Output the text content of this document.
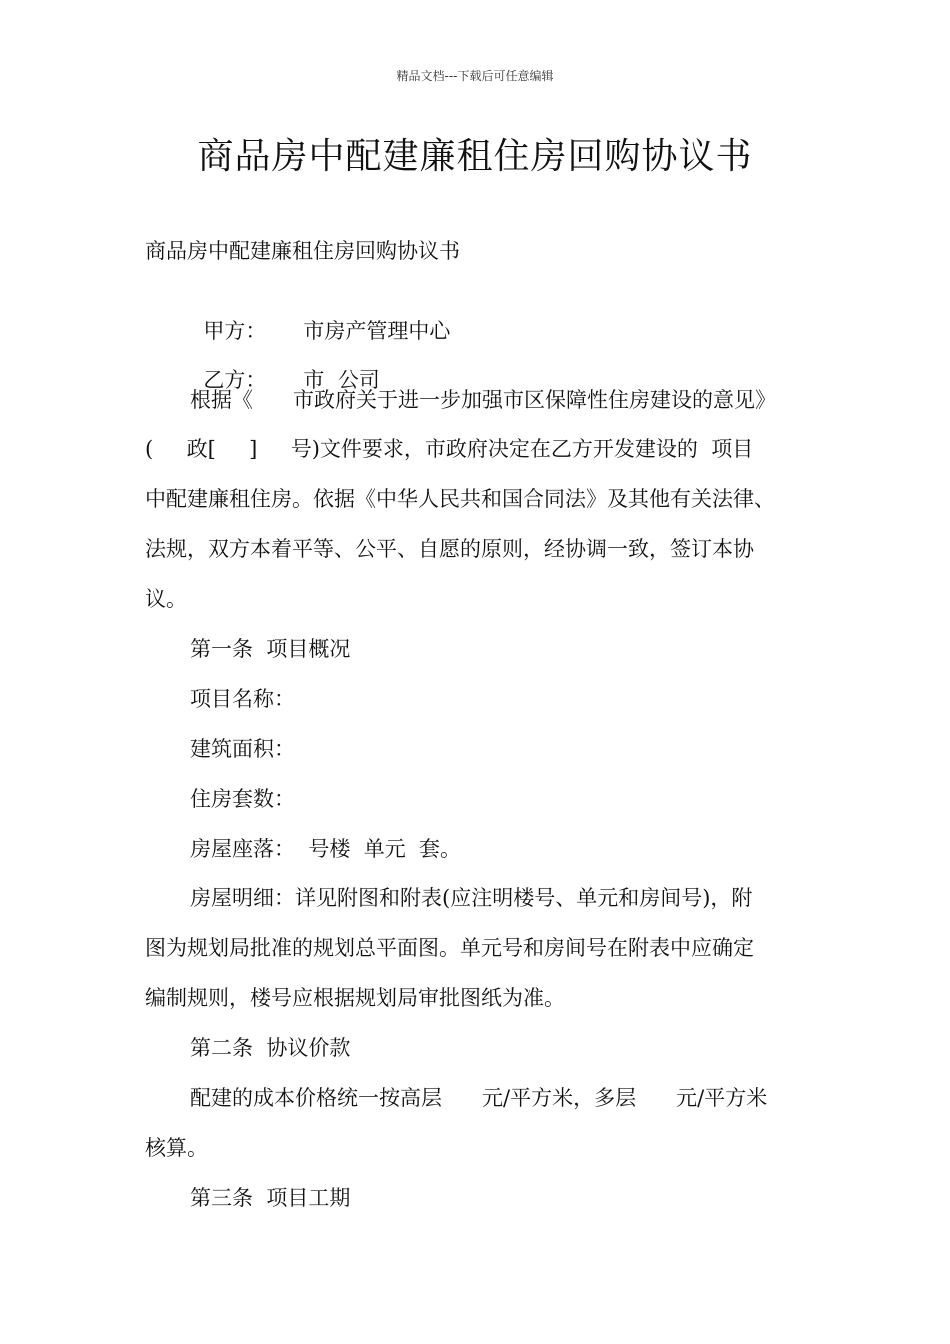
精品文档---下载后可任意编辑
商品房中配建廉租住房回购协议书
商品房中配建廉租住房回购协议书

甲方： 市房产管理中心

乙方： 市  公司

根据《      市政府关于进一步加强市区保障性住房建设的意见》
(     政[     ]     号)文件要求，市政府决定在乙方开发建设的  项目
中配建廉租住房。依据《中华人民共和国合同法》及其他有关法律、
法规，双方本着平等、公平、自愿的原则，经协调一致，签订本协
议。
第一条  项目概况
项目名称：
建筑面积：
住房套数：
房屋座落：  号楼  单元  套。
房屋明细：详见附图和附表(应注明楼号、单元和房间号)，附
图为规划局批准的规划总平面图。单元号和房间号在附表中应确定
编制规则，楼号应根据规划局审批图纸为准。
第二条  协议价款
配建的成本价格统一按高层      元/平方米，多层      元/平方米
核算。
第三条  项目工期
